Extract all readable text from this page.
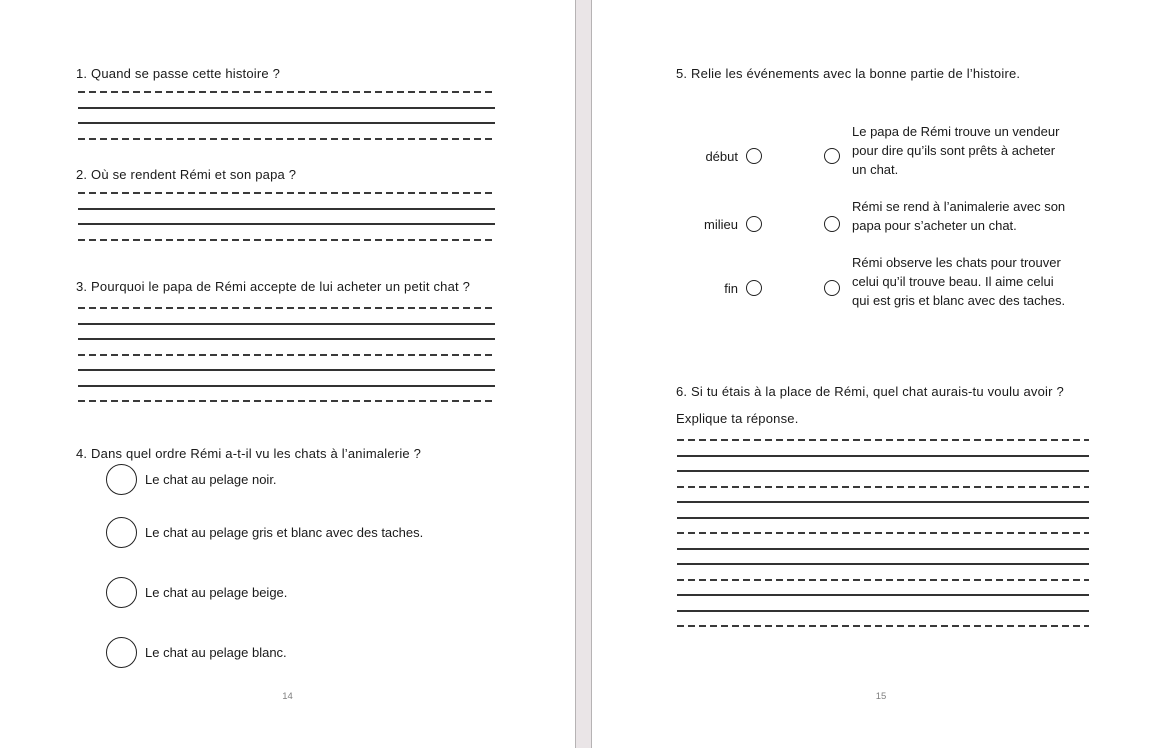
1. Quand se passe cette histoire ?
2. Où se rendent Rémi et son papa ?
3. Pourquoi le papa de Rémi accepte de lui acheter un petit chat ?
4. Dans quel ordre Rémi a-t-il vu les chats à l’animalerie ?
Le chat au pelage noir.
Le chat au pelage gris et blanc avec des taches.
Le chat au pelage beige.
Le chat au pelage blanc.
14
5. Relie les événements avec la bonne partie de l’histoire.
début
Le papa de Rémi trouve un vendeur
pour dire qu’ils sont prêts à acheter
un chat.
milieu
Rémi se rend à l’animalerie avec son
papa pour s’acheter un chat.
fin
Rémi observe les chats pour trouver
celui qu’il trouve beau. Il aime celui
qui est gris et blanc avec des taches.
6. Si tu étais à la place de Rémi, quel chat aurais-tu voulu avoir ?
Explique ta réponse.
15
